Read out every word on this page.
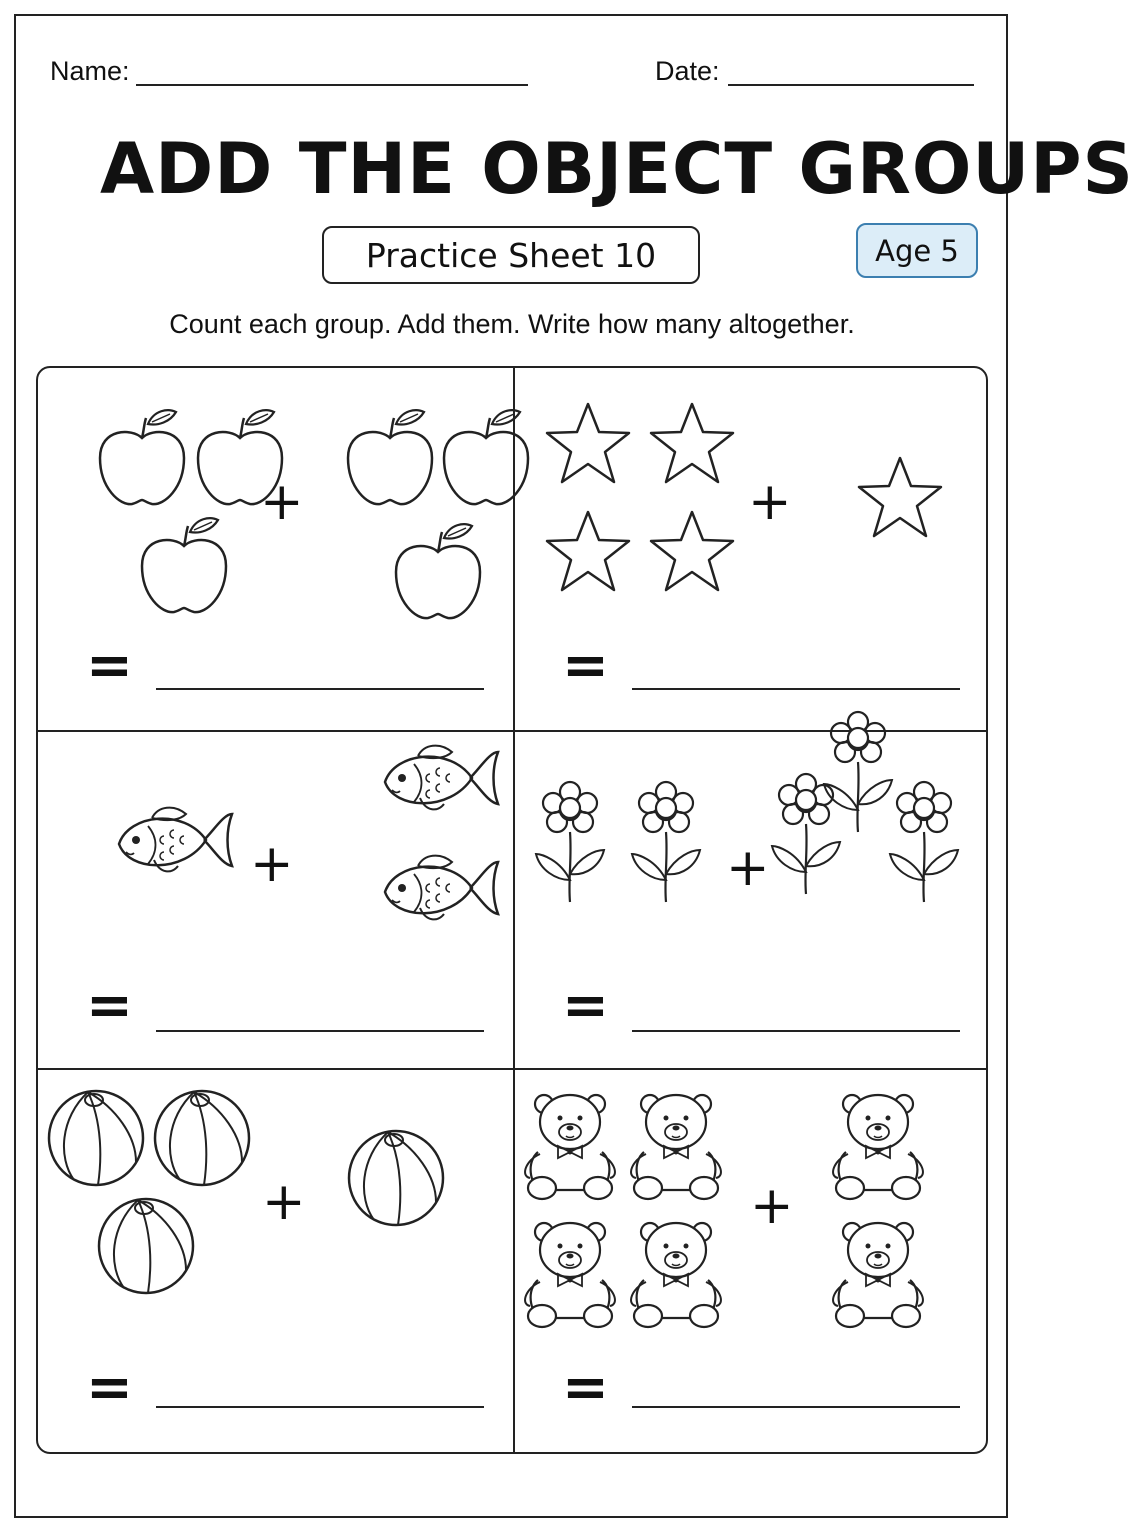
Name:	Date:
ADD THE OBJECT GROUPS
Practice Sheet 10	Age 5
Count each group. Add them. Write how many altogether.
+
=
+
=
+
=
+
=
+
=
+
=
